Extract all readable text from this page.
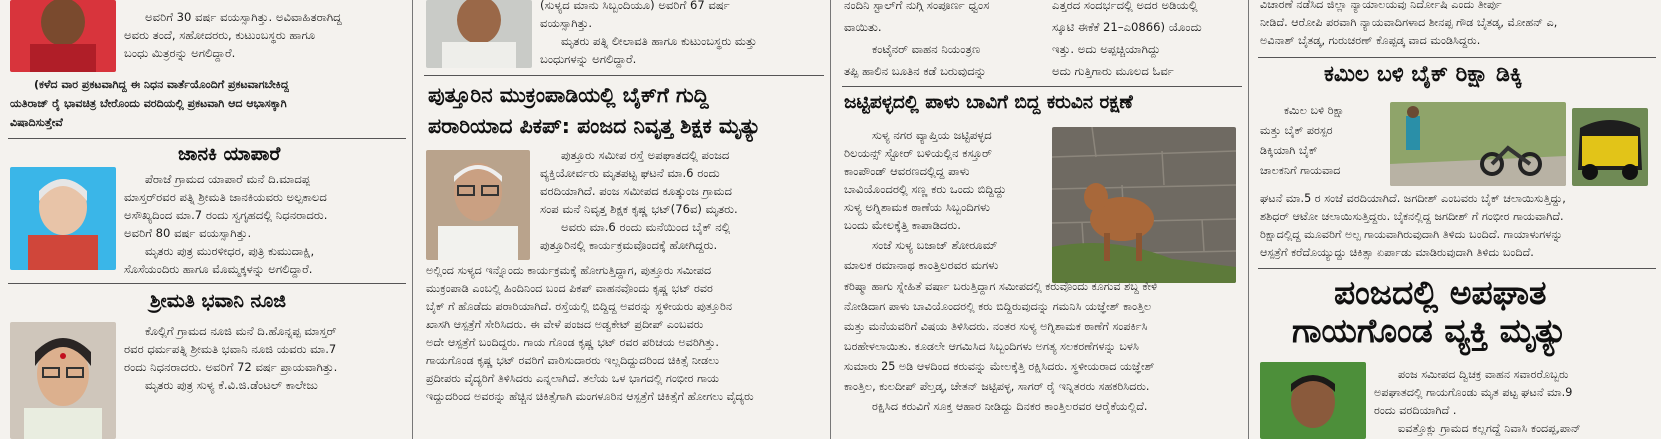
ಅವರಿಗೆ 30 ವರ್ಷ ವಯಸ್ಸಾಗಿತ್ತು. ಅವಿವಾಹಿತರಾಗಿದ್ದ
ಅವರು ತಂದೆ, ಸಹೋದರರು, ಕುಟುಂಬಸ್ಥರು ಹಾಗೂ
ಬಂಧು ಮಿತ್ರರನ್ನು ಅಗಲಿದ್ದಾರೆ.
(ಕಳೆದ ವಾರ ಪ್ರಕಟವಾಗಿದ್ದ ಈ ನಿಧನ ವಾರ್ತೆಯೊಂದಿಗೆ ಪ್ರಕಟವಾಗಬೇಕಿದ್ದ
ಯತಿರಾಜ್ ರೈ ಭಾವಚಿತ್ರ ಬೇರೊಂದು ವರದಿಯಲ್ಲಿ ಪ್ರಕಟವಾಗಿ ಆದ ಆಭಾಸಕ್ಕಾಗಿ
ವಿಷಾದಿಸುತ್ತೇವೆ
ಜಾನಕಿ ಯಾಪಾರೆ
ಪೆರಾಜೆ ಗ್ರಾಮದ ಯಾಪಾರೆ ಮನೆ ದಿ.ಮಾದಪ್ಪ
ಮಾಸ್ತರ್‌ರವರ ಪತ್ನಿ ಶ್ರೀಮತಿ ಜಾನಕಿಯವರು ಅಲ್ಪಕಾಲದ
ಅಸೌಖ್ಯದಿಂದ ಮಾ.7 ರಂದು ಸ್ವಗೃಹದಲ್ಲಿ ನಿಧನರಾದರು.
ಅವರಿಗೆ 80 ವರ್ಷ ವಯಸ್ಸಾಗಿತ್ತು.
ಮೃತರು ಪುತ್ರ ಮುರಳೀಧರ, ಪುತ್ರಿ ಕುಮುದಾಕ್ಷಿ,
ಸೊಸೆಯಂದಿರು ಹಾಗೂ ಮೊಮ್ಮಕ್ಕಳನ್ನು ಅಗಲಿದ್ದಾರೆ.
ಶ್ರೀಮತಿ ಭವಾನಿ ನೂಜಿ
ಕೊಲ್ಲಿಗೆ ಗ್ರಾಮದ ನೂಜಿ ಮನೆ ದಿ.ಹೊನ್ನಪ್ಪ ಮಾಸ್ತರ್
ರವರ ಧರ್ಮಪತ್ನಿ ಶ್ರೀಮತಿ ಭವಾನಿ ನೂಜಿ ಯವರು ಮಾ.7
ರಂದು ನಿಧನರಾದರು. ಅವರಿಗೆ 72 ವರ್ಷ ಪ್ರಾಯವಾಗಿತ್ತು.
ಮೃತರು ಪುತ್ರ ಸುಳ್ಯ ಕೆ.ವಿ.ಜಿ.ಡೆಂಟಲ್ ಕಾಲೇಜು
(ಸುಳ್ಯದ ಮಾನು ಸಿಬ್ಬಂದಿಯೂ) ಅವರಿಗೆ 67 ವರ್ಷ
ವಯಸ್ಸಾಗಿತ್ತು.
ಮೃತರು ಪತ್ನಿ ಲೀಲಾವತಿ ಹಾಗೂ ಕುಟುಂಬಸ್ಥರು ಮತ್ತು
ಬಂಧುಗಳನ್ನು ಅಗಲಿದ್ದಾರೆ.
ಪುತ್ತೂರಿನ ಮುಕ್ರಂಪಾಡಿಯಲ್ಲಿ ಬೈಕ್‌ಗೆ ಗುದ್ದಿ
ಪರಾರಿಯಾದ ಪಿಕಪ್: ಪಂಜದ ನಿವೃತ್ತ ಶಿಕ್ಷಕ ಮೃತ್ಯು
ಪುತ್ತೂರು ಸಮೀಪ ರಸ್ತೆ ಅಪಘಾತದಲ್ಲಿ ಪಂಜದ
ವ್ಯಕ್ತಿಯೋರ್ವರು ಮೃತಪಟ್ಟ ಘಟನೆ ಮಾ.6 ರಂದು
ವರದಿಯಾಗಿದೆ. ಪಂಜ ಸಮೀಪದ ಕೂತ್ಕುಂಜ ಗ್ರಾಮದ
ಸಂಪ ಮನೆ ನಿವೃತ್ತ ಶಿಕ್ಷಕ ಕೃಷ್ಣ ಭಟ್(76ವ) ಮೃತರು.
ಅವರು ಮಾ.6 ರಂದು ಮನೆಯಿಂದ ಬೈಕ್ ನಲ್ಲಿ
ಪುತ್ತೂರಿನಲ್ಲಿ ಕಾರ್ಯಕ್ರಮವೊಂದಕ್ಕೆ ಹೋಗಿದ್ದರು.
ಅಲ್ಲಿಂದ ಸುಳ್ಯದ ಇನ್ನೊಂದು ಕಾರ್ಯಕ್ರಮಕ್ಕೆ ಹೋಗುತ್ತಿದ್ದಾಗ, ಪುತ್ತೂರು ಸಮೀಪದ
ಮುಕ್ರಂಪಾಡಿ ಎಂಬಲ್ಲಿ ಹಿಂದಿನಿಂದ ಬಂದ ಪಿಕಪ್ ವಾಹನವೊಂದು ಕೃಷ್ಣ ಭಟ್ ರವರ
ಬೈಕ್ ಗೆ ಹೊಡೆದು ಪರಾರಿಯಾಗಿದೆ. ರಸ್ತೆಯಲ್ಲಿ ಬಿದ್ದಿದ್ದ ಅವರನ್ನು ಸ್ಥಳೀಯರು ಪುತ್ತೂರಿನ
ಖಾಸಗಿ ಆಸ್ಪತ್ರೆಗೆ ಸೇರಿಸಿದರು. ಈ ವೇಳೆ ಪಂಜದ ಅಡ್ವಕೇಟ್ ಪ್ರದೀಪ್ ಎಂಬವರು
ಅದೇ ಆಸ್ಪತ್ರೆಗೆ ಬಂದಿದ್ದರು. ಗಾಯ ಗೊಂಡ ಕೃಷ್ಣ ಭಟ್ ರವರ ಪರಿಚಯ ಅವರಿಗಿತ್ತು.
ಗಾಯಗೊಂಡ ಕೃಷ್ಣ ಭಟ್ ರವರಿಗೆ ವಾರಿಸುದಾರರು ಇಲ್ಲದಿದ್ದುದರಿಂದ ಚಿಕಿತ್ಸೆ ನೀಡಲು
ಪ್ರದೀಪರು ವೈದ್ಯರಿಗೆ ತಿಳಿಸಿದರು ಎನ್ನಲಾಗಿದೆ. ತಲೆಯ ಒಳ ಭಾಗದಲ್ಲಿ ಗಂಭೀರ ಗಾಯ
ಇದ್ದುದರಿಂದ ಅವರನ್ನು ಹೆಚ್ಚಿನ ಚಿಕಿತ್ಸೆಗಾಗಿ ಮಂಗಳೂರಿನ ಆಸ್ಪತ್ರೆಗೆ ಚಿಕಿತ್ಸೆಗೆ ಹೋಗಲು ವೈದ್ಯರು
ನಂದಿನಿ ಸ್ಟಾಲ್‌ಗೆ ನುಗ್ಗಿ ಸಂಪೂರ್ಣ ಧ್ವಂಸ
ವಾಯಿತು.
ಕಂಟೈನರ್ ವಾಹನ ನಿಯಂತ್ರಣ
ತಪ್ಪಿ ಹಾಲಿನ ಬೂತಿನ ಕಡೆ ಬರುವುದನ್ನು
ಎತ್ತರದ ಸಂದರ್ಭದಲ್ಲಿ ಅದರ ಅಡಿಯಲ್ಲಿ
ಸ್ಕೂಟಿ ಈಕೆಕೆ 21–ಎ0866) ಯೊಂದು
ಇತ್ತು. ಅದು ಅಪ್ಪಚ್ಚಿಯಾಗಿದ್ದು
ಅದು ಗುತ್ತಿಗಾರು ಮೂಲದ ಓರ್ವ
ಜಟ್ಟಿಪಳ್ಳದಲ್ಲಿ ಪಾಳು ಬಾವಿಗೆ ಬಿದ್ದ ಕರುವಿನ ರಕ್ಷಣೆ
ಸುಳ್ಯ ನಗರ ವ್ಯಾಪ್ತಿಯ ಜಟ್ಟಿಪಳ್ಳದ
ರಿಲಯನ್ಸ್ ಸ್ಟೋರ್ ಬಳಿಯಲ್ಲಿನ ಕಸ್ತೂರ್
ಕಾಂಪೌಂಡ್ ಆವರಣದಲ್ಲಿದ್ದ ಪಾಳು
ಬಾವಿಯೊಂದರಲ್ಲಿ ಸಣ್ಣ ಕರು ಒಂದು ಬಿದ್ದಿದ್ದು
ಸುಳ್ಯ ಅಗ್ನಿಶಾಮಕ ಠಾಣೆಯ ಸಿಬ್ಬಂದಿಗಳು
ಬಂದು ಮೇಲಕ್ಕೆತ್ತಿ ಕಾಪಾಡಿದರು.
ಸಂಜೆ ಸುಳ್ಯ ಬಜಾಜ್ ಶೋರೂಮ್
ಮಾಲಕ ರಮಾನಾಥ ಕಾಂತ್ತಿಲರವರ ಮಗಳು
ಕರಿಷ್ಮಾ ಹಾಗು ಸ್ನೇಹಿತೆ ವರ್ಷಾ ಬರುತ್ತಿದ್ದಾಗ ಸಮೀಪದಲ್ಲಿ ಕರುವೊಂದು ಕೂಗುವ ಶಬ್ದ ಕೇಳಿ
ನೋಡಿದಾಗ ಪಾಳು ಬಾವಿಯೊಂದರಲ್ಲಿ ಕರು ಬಿದ್ದಿರುವುದನ್ನು ಗಮನಿಸಿ ಯಜ್ಞೇಶ್ ಕಾಂತ್ತಿಲ
ಮತ್ತು ಮನೆಯವರಿಗೆ ವಿಷಯ ತಿಳಿಸಿದರು. ನಂತರ ಸುಳ್ಯ ಅಗ್ನಿಶಾಮಕ ಠಾಣೆಗೆ ಸಂಪರ್ಕಿಸಿ
ಬರಹೇಳಲಾಯಿತು. ಕೂಡಲೇ ಆಗಮಿಸಿದ ಸಿಬ್ಬಂದಿಗಳು ಅಗತ್ಯ ಸಲಕರಣೆಗಳನ್ನು ಬಳಸಿ
ಸುಮಾರು 25 ಅಡಿ ಆಳದಿಂದ ಕರುವನ್ನು ಮೇಲಕ್ಕೆತ್ತಿ ರಕ್ಷಿಸಿದರು. ಸ್ಥಳೀಯರಾದ ಯಜ್ಞೇಶ್
ಕಾಂತ್ತಿಲ, ಕುಲದೀಪ್ ಪೆಲ್ತಡ್ಕ, ಚೇತನ್ ಜಟ್ಟಿಪಳ್ಳ, ಸಾಗರ್ ರೈ ಇನ್ನಿತರರು ಸಹಕರಿಸಿದರು.
ರಕ್ಷಿಸಿದ ಕರುವಿಗೆ ಸೂಕ್ತ ಆಹಾರ ನೀಡಿದ್ದು ದಿನಕರ ಕಾಂತ್ತಿಲರವರ ಆರೈಕೆಯಲ್ಲಿದೆ.
ವಿಚಾರಣೆ ನಡೆಸಿದ ಜಿಲ್ಲಾ ನ್ಯಾಯಾಲಯವು ನಿರ್ದೋಷಿ ಎಂದು ತೀರ್ಪು
ನೀಡಿದೆ. ಆರೋಪಿ ಪರವಾಗಿ ನ್ಯಾಯವಾದಿಗಳಾದ ಶೀನಪ್ಪ ಗೌಡ ಬೈತಡ್ಕ, ಮೋಹನ್ ಎ,
ಅವಿನಾಶ್ ಬೈತಡ್ಕ, ಗುರುಚರಣ್ ಕೊಪ್ಪಡ್ಕ ವಾದ ಮಂಡಿಸಿದ್ದರು.
ಕಮಿಲ ಬಳಿ ಬೈಕ್ ರಿಕ್ಷಾ ಡಿಕ್ಕಿ
ಕಮಿಲ ಬಳಿ ರಿಕ್ಷಾ
ಮತ್ತು ಬೈಕ್ ಪರಸ್ಪರ
ಡಿಕ್ಕಿಯಾಗಿ ಬೈಕ್
ಚಾಲಕನಿಗೆ ಗಾಯವಾದ
ಘಟನೆ ಮಾ.5 ರ ಸಂಜೆ ವರದಿಯಾಗಿದೆ. ಜಗದೀಶ್ ಎಂಬವರು ಬೈಕ್ ಚಲಾಯಿಸುತ್ತಿದ್ದು,
ಶಶಿಧರ್ ಆಟೋ ಚಲಾಯಿಸುತ್ತಿದ್ದರು. ಬೈಕನಲ್ಲಿದ್ದ ಜಗದೀಶ್ ಗೆ ಗಂಭೀರ ಗಾಯವಾಗಿದೆ.
ರಿಕ್ಷಾದಲ್ಲಿದ್ದ ಮೂವರಿಗೆ ಅಲ್ಪ ಗಾಯವಾಗಿರುವುದಾಗಿ ತಿಳಿದು ಬಂದಿದೆ. ಗಾಯಾಳುಗಳನ್ನು
ಆಸ್ಪತ್ರೆಗೆ ಕರೆದೊಯ್ಯುದ್ದು ಚಿಕಿತ್ಸಾ ಏರ್ಪಾಡು ಮಾಡಿರುವುದಾಗಿ ತಿಳಿದು ಬಂದಿದೆ.
ಪಂಜದಲ್ಲಿ ಅಪಘಾತ
ಗಾಯಗೊಂಡ ವ್ಯಕ್ತಿ ಮೃತ್ಯು
ಪಂಜ ಸಮೀಪದ ದ್ವಿಚಕ್ರ ವಾಹನ ಸವಾರರೊಬ್ಬರು
ಅಪಘಾತದಲ್ಲಿ ಗಾಯಗೊಂಡು ಮೃತ ಪಟ್ಟ ಘಟನೆ ಮಾ.9
ರಂದು ವರದಿಯಾಗಿದೆ .
ಐವತ್ತೊಕ್ಲು ಗ್ರಾಮದ ಕಲ್ಲಗದ್ದೆ ನಿವಾಸಿ ಕಂದಪ್ಪ,ಪಾನ್
